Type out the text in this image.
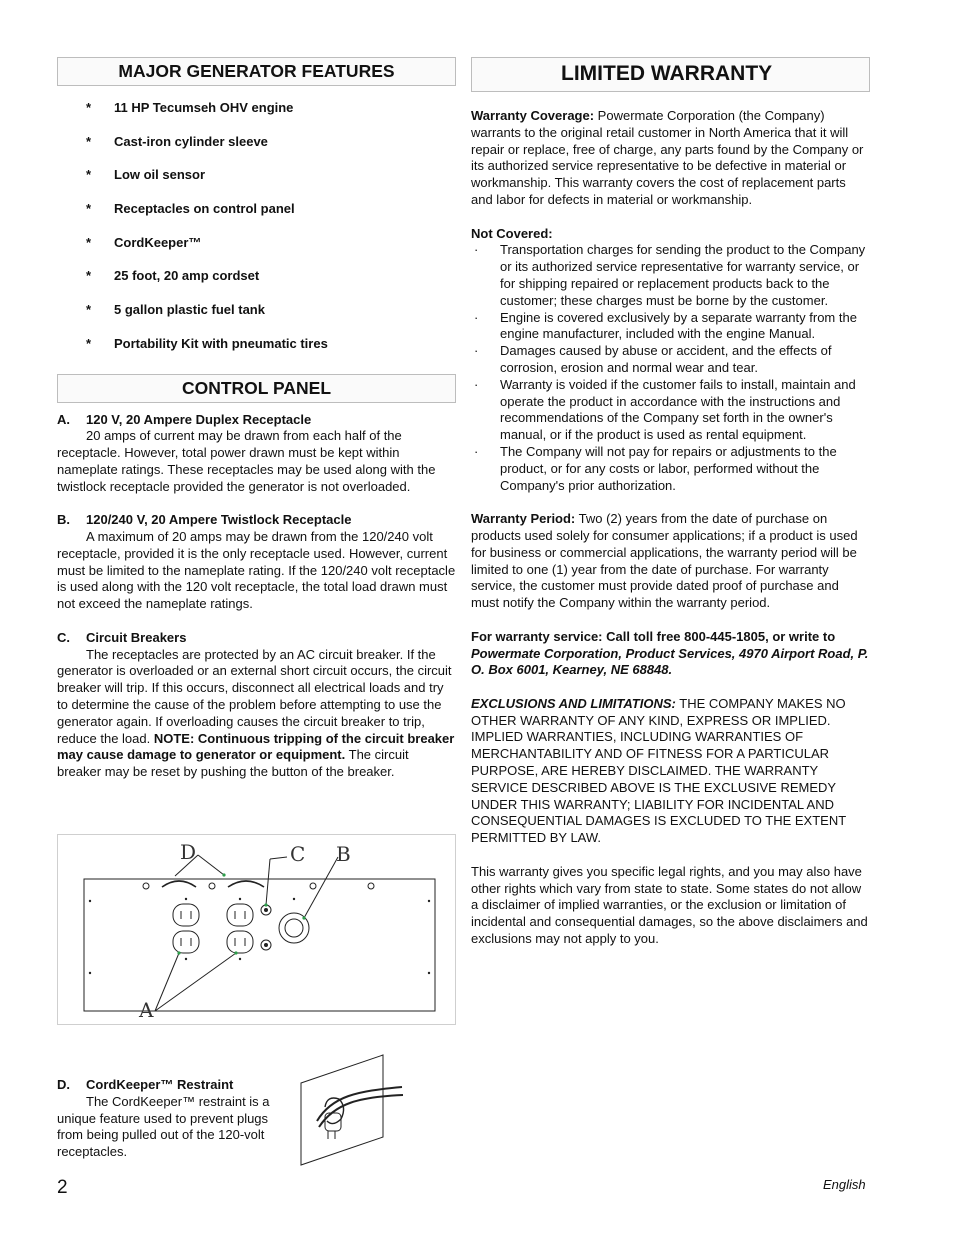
MAJOR GENERATOR FEATURES
* 11 HP Tecumseh OHV engine
* Cast-iron cylinder sleeve
* Low oil sensor
* Receptacles on control panel
* CordKeeper™
* 25 foot, 20 amp cordset
* 5 gallon plastic fuel tank
* Portability Kit with pneumatic tires
CONTROL PANEL
A. 120 V, 20 Ampere Duplex Receptacle

20 amps of current may be drawn from each half of the receptacle. However, total power drawn must be kept within nameplate ratings. These receptacles may be used along with the twistlock receptacle provided the generator is not overloaded.

B. 120/240 V, 20 Ampere Twistlock Receptacle

A maximum of 20 amps may be drawn from the 120/240 volt receptacle, provided it is the only receptacle used. However, current must be limited to the nameplate rating. If the 120/240 volt receptacle is used along with the 120 volt receptacle, the total load drawn must not exceed the nameplate ratings.

C. Circuit Breakers

The receptacles are protected by an AC circuit breaker. If the generator is overloaded or an external short circuit occurs, the circuit breaker will trip. If this occurs, disconnect all electrical loads and try to determine the cause of the problem before attempting to use the generator again. If overloading causes the circuit breaker to trip, reduce the load. NOTE: Continuous tripping of the circuit breaker may cause damage to generator or equipment. The circuit breaker may be reset by pushing the button of the breaker.

D	C B
A
D. CordKeeper™ Restraint

The CordKeeper™ restraint is a unique feature used to prevent plugs from being pulled out of the 120-volt receptacles.

LIMITED WARRANTY

Warranty Coverage: Powermate Corporation (the Company) warrants to the original retail customer in North America that it will repair or replace, free of charge, any parts found by the Company or its authorized service representative to be defective in material or workmanship. This warranty covers the cost of replacement parts and labor for defects in material or workmanship.

Not Covered:

· Transportation charges for sending the product to the Company or its authorized service representative for warranty service, or for shipping repaired or replacement products back to the customer; these charges must be borne by the customer.
· Engine is covered exclusively by a separate warranty from the engine manufacturer, included with the engine Manual.
· Damages caused by abuse or accident, and the effects of corrosion, erosion and normal wear and tear.
· Warranty is voided if the customer fails to install, maintain and operate the product in accordance with the instructions and recommendations of the Company set forth in the owner's manual, or if the product is used as rental equipment.
· The Company will not pay for repairs or adjustments to the product, or for any costs or labor, performed without the Company's prior authorization.

Warranty Period: Two (2) years from the date of purchase on products used solely for consumer applications; if a product is used for business or commercial applications, the warranty period will be limited to one (1) year from the date of purchase. For warranty service, the customer must provide dated proof of purchase and must notify the Company within the warranty period.

For warranty service: Call toll free 800-445-1805, or write to Powermate Corporation, Product Services, 4970 Airport Road, P. O. Box 6001, Kearney, NE 68848.

EXCLUSIONS AND LIMITATIONS: THE COMPANY MAKES NO OTHER WARRANTY OF ANY KIND, EXPRESS OR IMPLIED. IMPLIED WARRANTIES, INCLUDING WARRANTIES OF MERCHANTABILITY AND OF FITNESS FOR A PARTICULAR PURPOSE, ARE HEREBY DISCLAIMED. THE WARRANTY SERVICE DESCRIBED ABOVE IS THE EXCLUSIVE REMEDY UNDER THIS WARRANTY; LIABILITY FOR INCIDENTAL AND CONSEQUENTIAL DAMAGES IS EXCLUDED TO THE EXTENT PERMITTED BY LAW.

This warranty gives you specific legal rights, and you may also have other rights which vary from state to state. Some states do not allow a disclaimer of implied warranties, or the exclusion or limitation of incidental and consequential damages, so the above disclaimers and exclusions may not apply to you.

2	English
